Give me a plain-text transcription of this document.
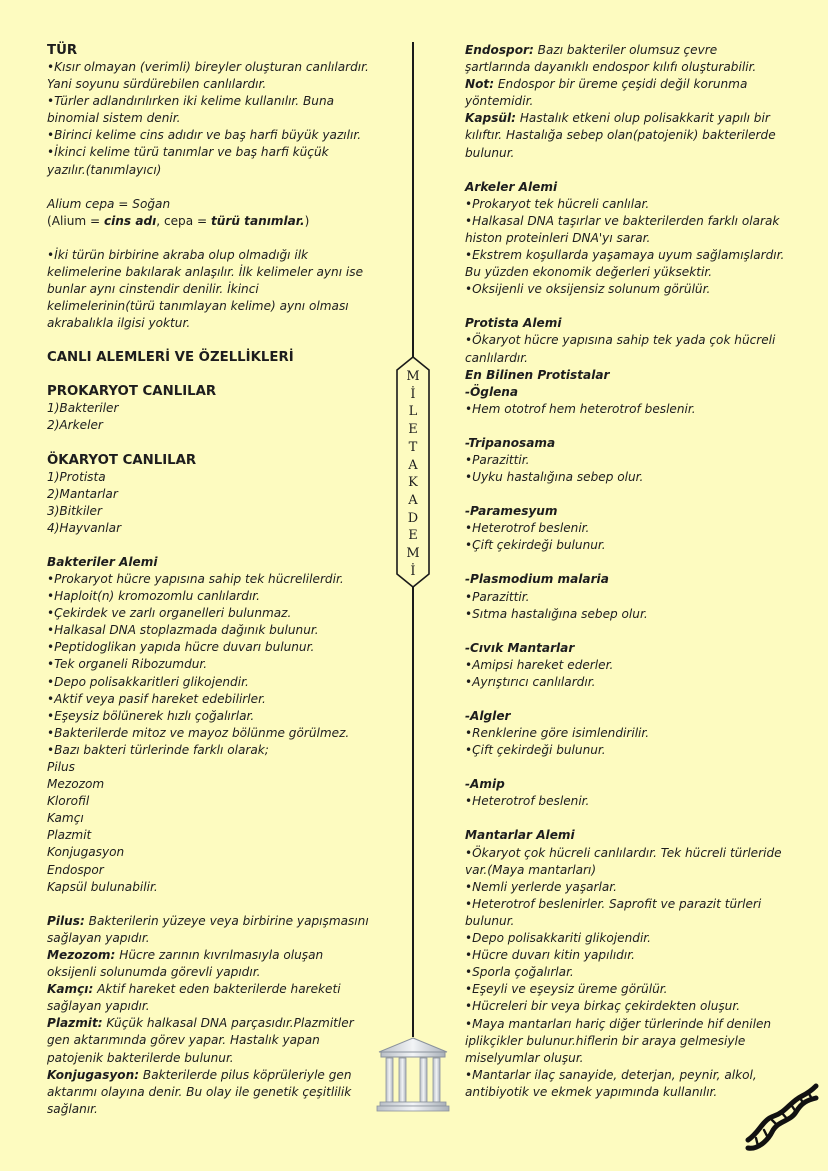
TÜR

•Kısır olmayan (verimli) bireyler oluşturan canlılardır. Yani soyunu sürdürebilen canlılardır.

•Türler adlandırılırken iki kelime kullanılır. Buna binomial sistem denir.

•Birinci kelime cins adıdır ve baş harfi büyük yazılır.

•İkinci kelime türü tanımlar ve baş harfi küçük yazılır.(tanımlayıcı)

Alium cepa = Soğan

(Alium = cins adı, cepa = türü tanımlar.)

•İki türün birbirine akraba olup olmadığı ilk kelimelerine bakılarak anlaşılır. İlk kelimeler aynı ise bunlar aynı cinstendir denilir. İkinci kelimelerinin(türü tanımlayan kelime) aynı olması akrabalıkla ilgisi yoktur.

CANLI ALEMLERİ VE ÖZELLİKLERİ

PROKARYOT CANLILAR

1)Bakteriler

2)Arkeler

ÖKARYOT CANLILAR

1)Protista

2)Mantarlar

3)Bitkiler

4)Hayvanlar

Bakteriler Alemi

•Prokaryot hücre yapısına sahip tek hücrelilerdir.

•Haploit(n) kromozomlu canlılardır.

•Çekirdek ve zarlı organelleri bulunmaz.

•Halkasal DNA stoplazmada dağınık bulunur.

•Peptidoglikan yapıda hücre duvarı bulunur.

•Tek organeli Ribozumdur.

•Depo polisakkaritleri glikojendir.

•Aktif veya pasif hareket edebilirler.

•Eşeysiz bölünerek hızlı çoğalırlar.

•Bakterilerde mitoz ve mayoz bölünme görülmez.

•Bazı bakteri türlerinde farklı olarak;

Pilus

Mezozom

Klorofil

Kamçı

Plazmit

Konjugasyon

Endospor

Kapsül bulunabilir.

Pilus: Bakterilerin yüzeye veya birbirine yapışmasını sağlayan yapıdır.

Mezozom: Hücre zarının kıvrılmasıyla oluşan oksijenli solunumda görevli yapıdır.

Kamçı: Aktif hareket eden bakterilerde hareketi sağlayan yapıdır.

Plazmit: Küçük halkasal DNA parçasıdır.Plazmitler gen aktarımında görev yapar. Hastalık yapan patojenik bakterilerde bulunur.

Konjugasyon: Bakterilerde pilus köprüleriyle gen aktarımı olayına denir. Bu olay ile genetik çeşitlilik sağlanır.

M
İ
L
E
T
A
K
A
D
E
M
İ

Endospor: Bazı bakteriler olumsuz çevre şartlarında dayanıklı endospor kılıfı oluşturabilir.

Not: Endospor bir üreme çeşidi değil korunma yöntemidir.

Kapsül: Hastalık etkeni olup polisakkarit yapılı bir kılıftır. Hastalığa sebep olan(patojenik) bakterilerde bulunur.

Arkeler Alemi

•Prokaryot tek hücreli canlılar.

•Halkasal DNA taşırlar ve bakterilerden farklı olarak histon proteinleri DNA'yı sarar.

•Ekstrem koşullarda yaşamaya uyum sağlamışlardır. Bu yüzden ekonomik değerleri yüksektir.

•Oksijenli ve oksijensiz solunum görülür.

Protista Alemi

•Ökaryot hücre yapısına sahip tek yada çok hücreli canlılardır.

En Bilinen Protistalar

-Öglena

•Hem ototrof hem heterotrof beslenir.

-Tripanosama

•Parazittir.

•Uyku hastalığına sebep olur.

-Paramesyum

•Heterotrof beslenir.

•Çift çekirdeği bulunur.

-Plasmodium malaria

•Parazittir.

•Sıtma hastalığına sebep olur.

-Cıvık Mantarlar

•Amipsi hareket ederler.

•Ayrıştırıcı canlılardır.

-Algler

•Renklerine göre isimlendirilir.

•Çift çekirdeği bulunur.

-Amip

•Heterotrof beslenir.

Mantarlar Alemi

•Ökaryot çok hücreli canlılardır. Tek hücreli türleride var.(Maya mantarları)

•Nemli yerlerde yaşarlar.

•Heterotrof beslenirler. Saprofit ve parazit türleri bulunur.

•Depo polisakkariti glikojendir.

•Hücre duvarı kitin yapılıdır.

•Sporla çoğalırlar.

•Eşeyli ve eşeysiz üreme görülür.

•Hücreleri bir veya birkaç çekirdekten oluşur.

•Maya mantarları hariç diğer türlerinde hif denilen iplikçikler bulunur.hiflerin bir araya gelmesiyle miselyumlar oluşur.

•Mantarlar ilaç sanayide, deterjan, peynir, alkol, antibiyotik ve ekmek yapımında kullanılır.
